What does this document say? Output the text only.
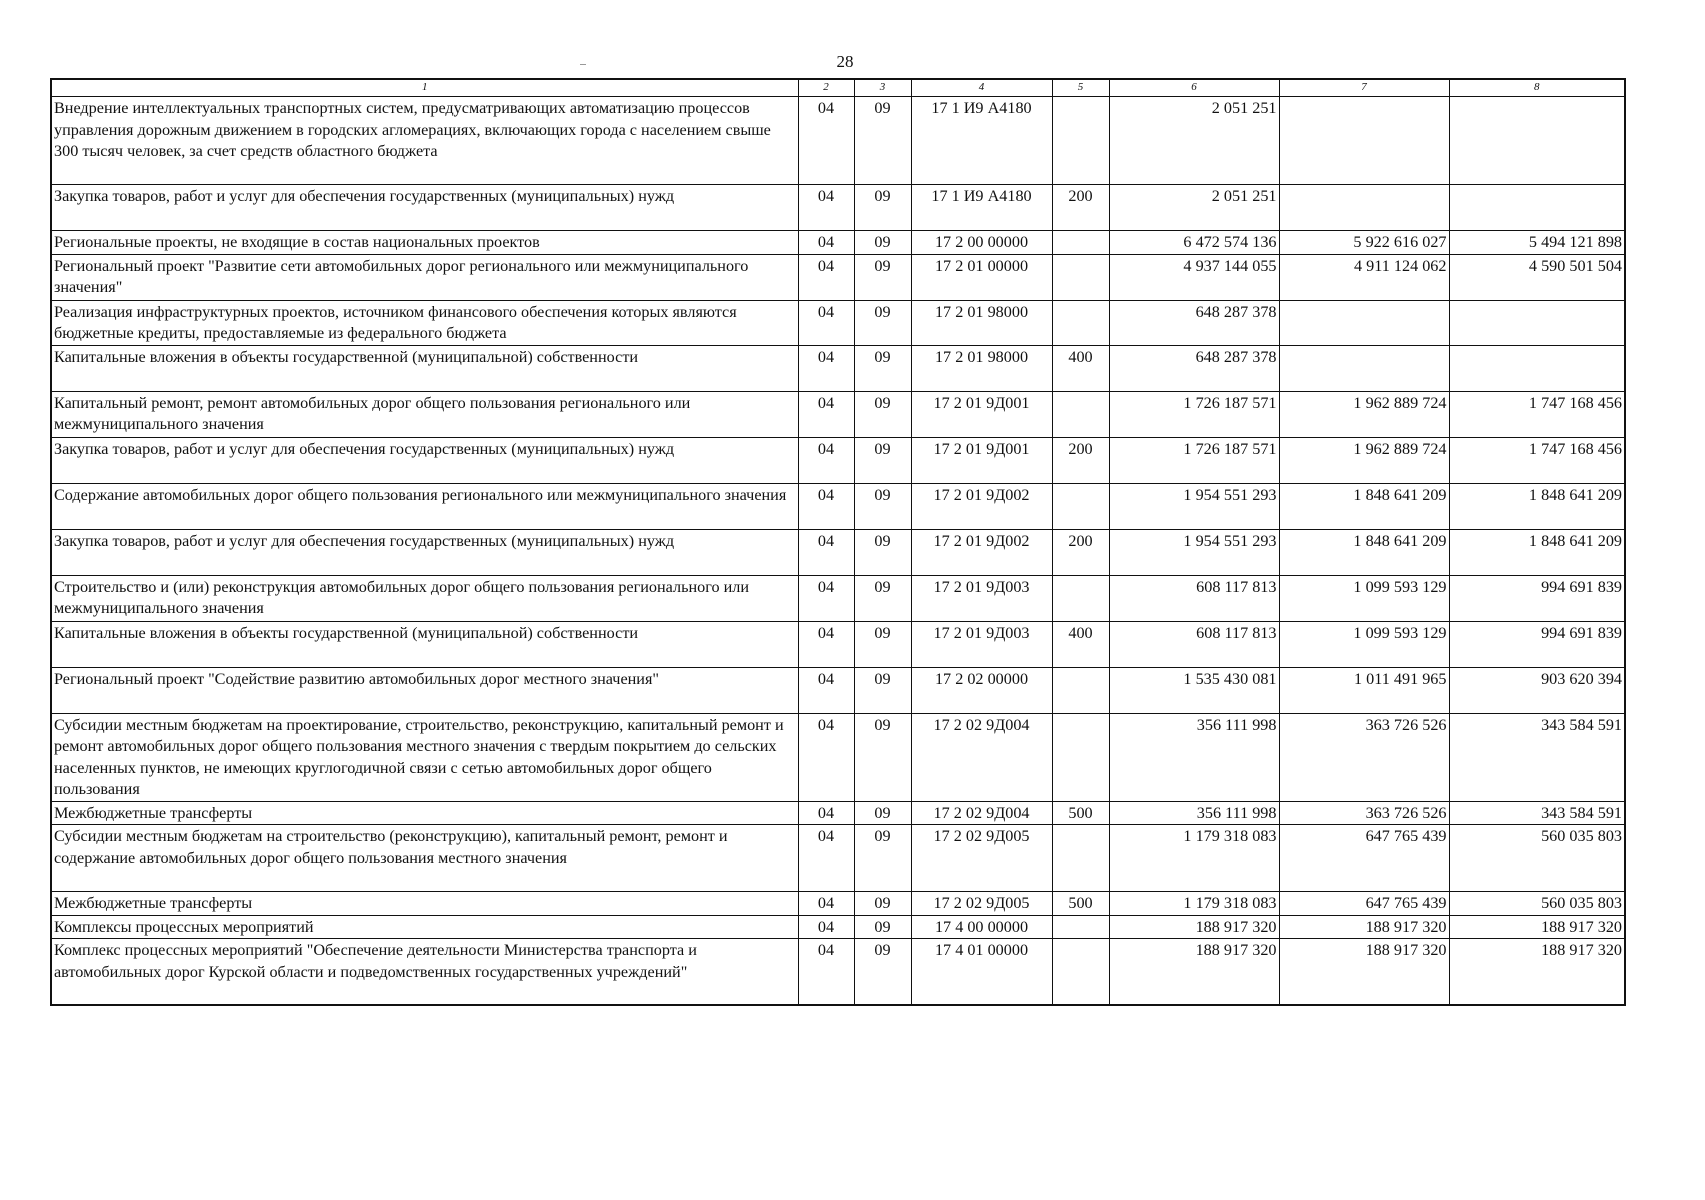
28
1	2	3	4	5	6	7	8
Внедрение интеллектуальных транспортных систем, предусматривающих автоматизацию процессов управления дорожным движением в городских агломерациях, включающих города с населением свыше 300 тысяч человек, за счет средств областного бюджета	04	09	17 1 И9 А4180		2 051 251		
Закупка товаров, работ и услуг для обеспечения государственных (муниципальных) нужд	04	09	17 1 И9 А4180	200	2 051 251		
Региональные проекты, не входящие в состав национальных проектов	04	09	17 2 00 00000		6 472 574 136	5 922 616 027	5 494 121 898
Региональный проект "Развитие сети автомобильных дорог регионального или межмуниципального значения"	04	09	17 2 01 00000		4 937 144 055	4 911 124 062	4 590 501 504
Реализация инфраструктурных проектов, источником финансового обеспечения которых являются бюджетные кредиты, предоставляемые из федерального бюджета	04	09	17 2 01 98000		648 287 378		
Капитальные вложения в объекты государственной (муниципальной) собственности	04	09	17 2 01 98000	400	648 287 378		
Капитальный ремонт, ремонт автомобильных дорог общего пользования регионального или межмуниципального значения	04	09	17 2 01 9Д001		1 726 187 571	1 962 889 724	1 747 168 456
Закупка товаров, работ и услуг для обеспечения государственных (муниципальных) нужд	04	09	17 2 01 9Д001	200	1 726 187 571	1 962 889 724	1 747 168 456
Содержание автомобильных дорог общего пользования регионального или межмуниципального значения	04	09	17 2 01 9Д002		1 954 551 293	1 848 641 209	1 848 641 209
Закупка товаров, работ и услуг для обеспечения государственных (муниципальных) нужд	04	09	17 2 01 9Д002	200	1 954 551 293	1 848 641 209	1 848 641 209
Строительство и (или) реконструкция автомобильных дорог общего пользования регионального или межмуниципального значения	04	09	17 2 01 9Д003		608 117 813	1 099 593 129	994 691 839
Капитальные вложения в объекты государственной (муниципальной) собственности	04	09	17 2 01 9Д003	400	608 117 813	1 099 593 129	994 691 839
Региональный проект "Содействие развитию автомобильных дорог местного значения"	04	09	17 2 02 00000		1 535 430 081	1 011 491 965	903 620 394
Субсидии местным бюджетам на проектирование, строительство, реконструкцию, капитальный ремонт и ремонт автомобильных дорог общего пользования местного значения с твердым покрытием до сельских населенных пунктов, не имеющих круглогодичной связи с сетью автомобильных дорог общего пользования	04	09	17 2 02 9Д004		356 111 998	363 726 526	343 584 591
Межбюджетные трансферты	04	09	17 2 02 9Д004	500	356 111 998	363 726 526	343 584 591
Субсидии местным бюджетам на строительство (реконструкцию), капитальный ремонт, ремонт и содержание автомобильных дорог общего пользования местного значения	04	09	17 2 02 9Д005		1 179 318 083	647 765 439	560 035 803
Межбюджетные трансферты	04	09	17 2 02 9Д005	500	1 179 318 083	647 765 439	560 035 803
Комплексы процессных мероприятий	04	09	17 4 00 00000		188 917 320	188 917 320	188 917 320
Комплекс процессных мероприятий "Обеспечение деятельности Министерства транспорта и автомобильных дорог Курской области и подведомственных государственных учреждений"	04	09	17 4 01 00000		188 917 320	188 917 320	188 917 320
